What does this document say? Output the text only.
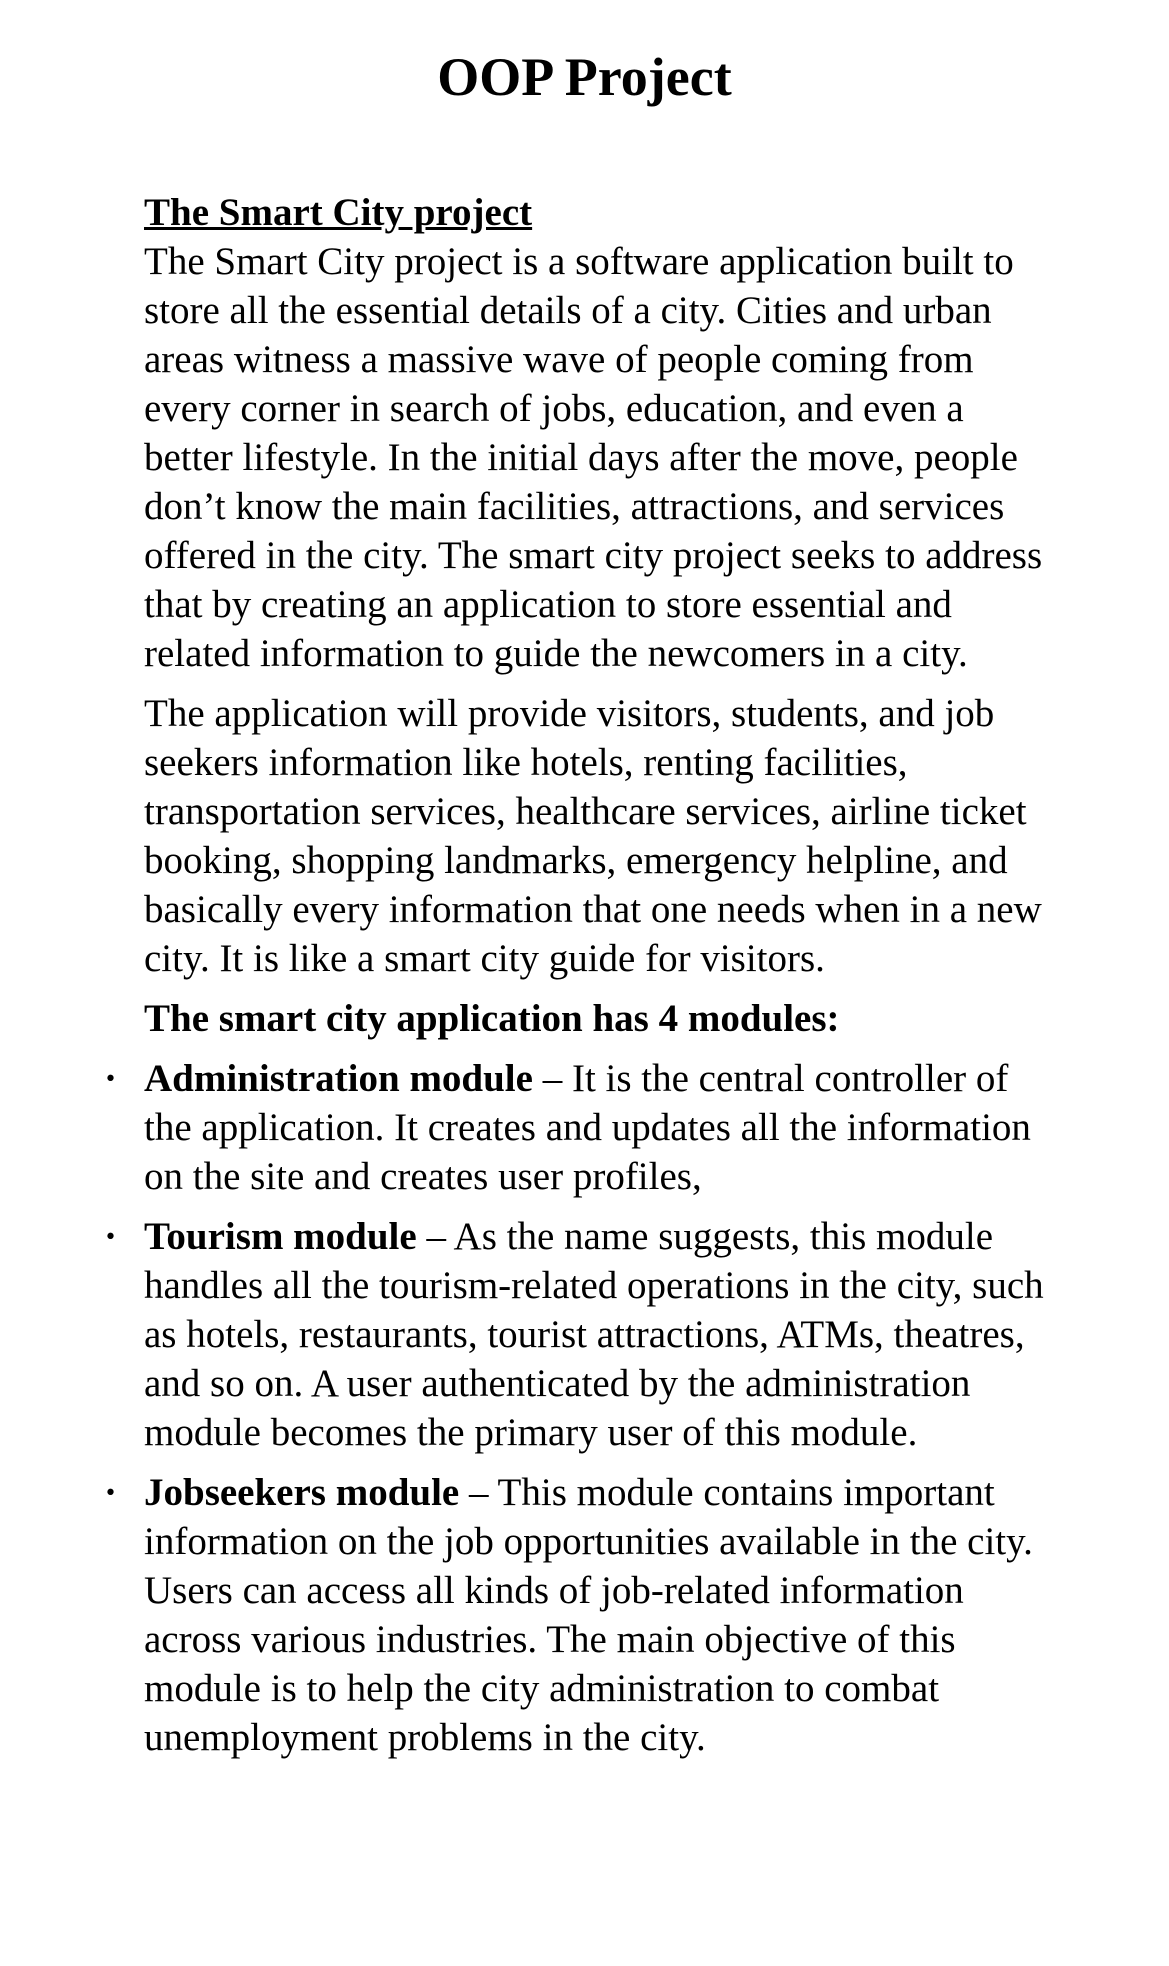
OOP Project
The Smart City project

The Smart City project is a software application built to store all the essential details of a city. Cities and urban areas witness a massive wave of people coming from every corner in search of jobs, education, and even a better lifestyle. In the initial days after the move, people don’t know the main facilities, attractions, and services offered in the city. The smart city project seeks to address that by creating an application to store essential and related information to guide the newcomers in a city.

The application will provide visitors, students, and job seekers information like hotels, renting facilities, transportation services, healthcare services, airline ticket booking, shopping landmarks, emergency helpline, and basically every information that one needs when in a new city. It is like a smart city guide for visitors.

The smart city application has 4 modules:

· Administration module – It is the central controller of the application. It creates and updates all the information on the site and creates user profiles,
· Tourism module – As the name suggests, this module handles all the tourism-related operations in the city, such as hotels, restaurants, tourist attractions, ATMs, theatres, and so on. A user authenticated by the administration module becomes the primary user of this module.
· Jobseekers module – This module contains important information on the job opportunities available in the city. Users can access all kinds of job-related information across various industries. The main objective of this module is to help the city administration to combat unemployment problems in the city.
